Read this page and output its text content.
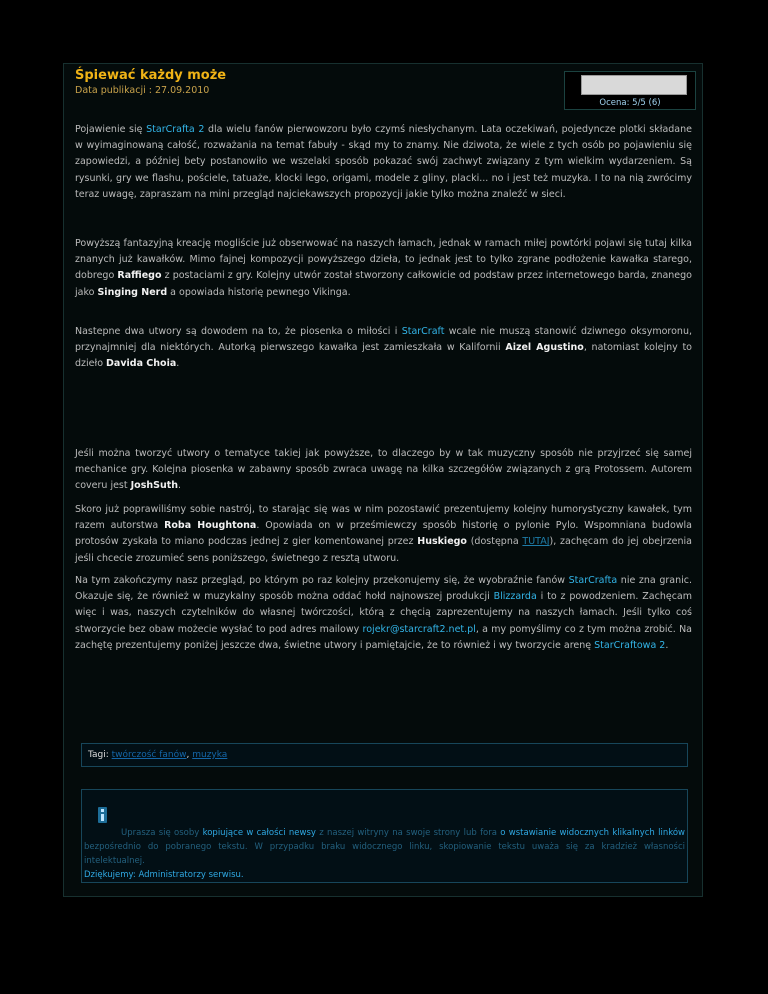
Śpiewać każdy może
Data publikacji : 27.09.2010
Ocena: 5/5 (6)

Pojawienie się StarCrafta 2 dla wielu fanów pierwowzoru było czymś niesłychanym. Lata oczekiwań, pojedyncze plotki składane w wyimaginowaną całość, rozważania na temat fabuły - skąd my to znamy. Nie dziwota, że wiele z tych osób po pojawieniu się zapowiedzi, a później bety postanowiło we wszelaki sposób pokazać swój zachwyt związany z tym wielkim wydarzeniem. Są rysunki, gry we flashu, pościele, tatuaże, klocki lego, origami, modele z gliny, placki... no i jest też muzyka. I to na nią zwrócimy teraz uwagę, zapraszam na mini przegląd najciekawszych propozycji jakie tylko można znaleźć w sieci.

Powyższą fantazyjną kreację mogliście już obserwować na naszych łamach, jednak w ramach miłej powtórki pojawi się tutaj kilka znanych już kawałków. Mimo fajnej kompozycji powyższego dzieła, to jednak jest to tylko zgrane podłożenie kawałka starego, dobrego Raffiego z postaciami z gry. Kolejny utwór został stworzony całkowicie od podstaw przez internetowego barda, znanego jako Singing Nerd a opowiada historię pewnego Vikinga.

Nastepne dwa utwory są dowodem na to, że piosenka o miłości i StarCraft wcale nie muszą stanowić dziwnego oksymoronu, przynajmniej dla niektórych. Autorką pierwszego kawałka jest zamieszkała w Kalifornii Aizel Agustino, natomiast kolejny to dzieło Davida Choia.

Jeśli można tworzyć utwory o tematyce takiej jak powyższe, to dlaczego by w tak muzyczny sposób nie przyjrzeć się samej mechanice gry. Kolejna piosenka w zabawny sposób zwraca uwagę na kilka szczegółów związanych z grą Protossem. Autorem coveru jest JoshSuth.

Skoro już poprawiliśmy sobie nastrój, to starając się was w nim pozostawić prezentujemy kolejny humorystyczny kawałek, tym razem autorstwa Roba Houghtona. Opowiada on w prześmiewczy sposób historię o pylonie Pylo. Wspomniana budowla protosów zyskała to miano podczas jednej z gier komentowanej przez Huskiego (dostępna TUTAJ), zachęcam do jej obejrzenia jeśli chcecie zrozumieć sens poniższego, świetnego z resztą utworu.

Na tym zakończymy nasz przegląd, po którym po raz kolejny przekonujemy się, że wyobraźnie fanów StarCrafta nie zna granic. Okazuje się, że również w muzykalny sposób można oddać hołd najnowszej produkcji Blizzarda i to z powodzeniem. Zachęcam więc i was, naszych czytelników do własnej twórczości, którą z chęcią zaprezentujemy na naszych łamach. Jeśli tylko coś stworzycie bez obaw możecie wysłać to pod adres mailowy rojekr@starcraft2.net.pl, a my pomyślimy co z tym można zrobić. Na zachętę prezentujemy poniżej jeszcze dwa, świetne utwory i pamiętajcie, że to również i wy tworzycie arenę StarCraftowa 2.

Tagi: twórczość fanów, muzyka
Uprasza się osoby kopiujące w całości newsy z naszej witryny na swoje strony lub fora o wstawianie widocznych klikalnych linków bezpośrednio do pobranego tekstu. W przypadku braku widocznego linku, skopiowanie tekstu uważa się za kradzież własności intelektualnej.
Dziękujemy: Administratorzy serwisu.
